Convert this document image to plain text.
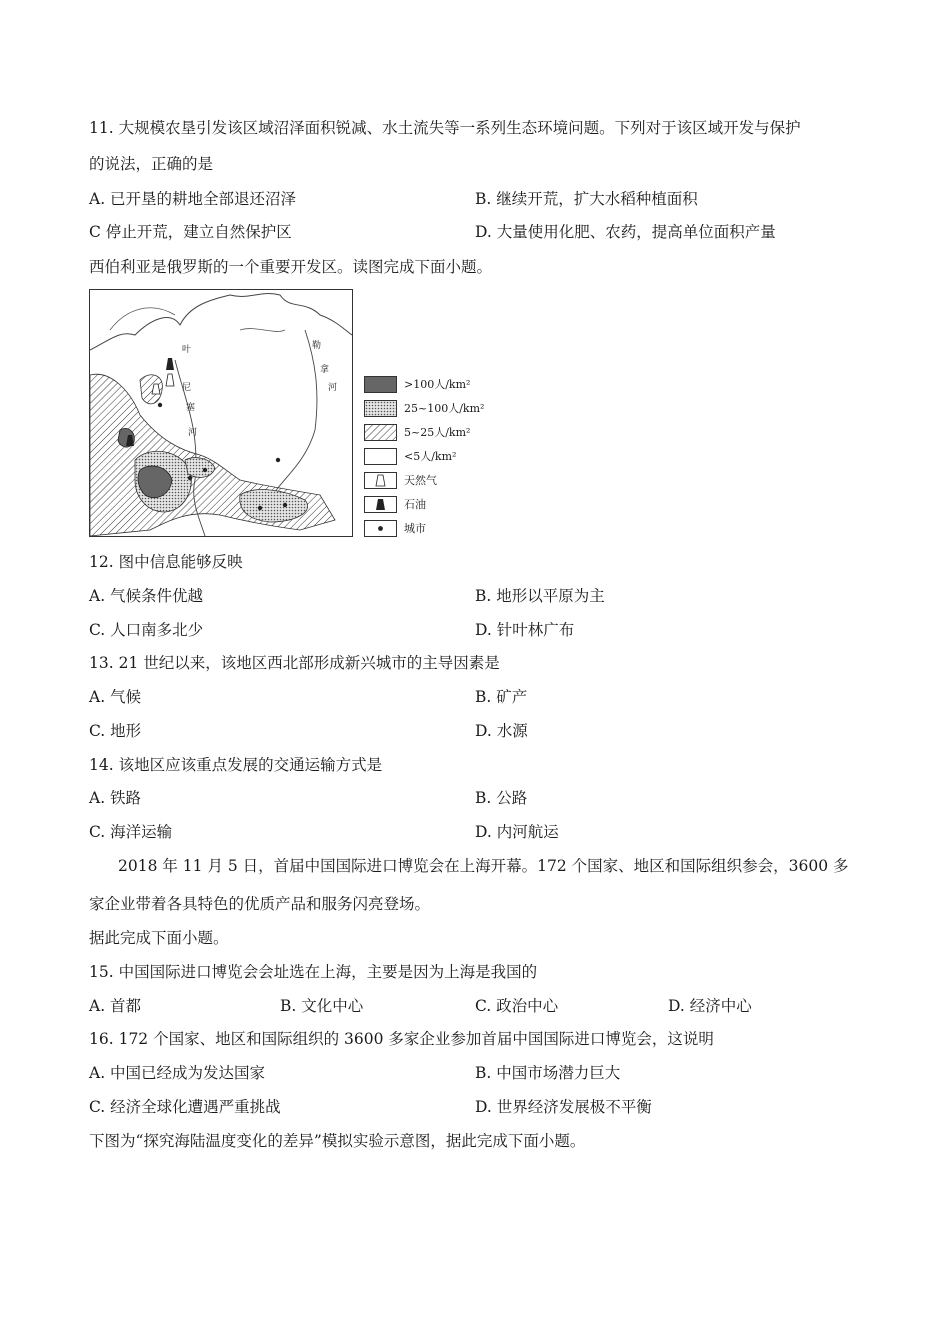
11. 大规模农垦引发该区域沼泽面积锐减、水土流失等一系列生态环境问题。下列对于该区域开发与保护
的说法，正确的是
A. 已开垦的耕地全部退还沼泽	B. 继续开荒，扩大水稻种植面积
C 停止开荒，建立自然保护区	D. 大量使用化肥、农药，提高单位面积产量
西伯利亚是俄罗斯的一个重要开发区。读图完成下面小题。
叶
尼
塞
河
勒
拿
河	>100人/km²
25~100人/km²
5~25人/km²
<5人/km²
天然气
石油
城市
12. 图中信息能够反映
A. 气候条件优越	B. 地形以平原为主
C. 人口南多北少	D. 针叶林广布
13. 21 世纪以来，该地区西北部形成新兴城市的主导因素是
A. 气候	B. 矿产
C. 地形	D. 水源
14. 该地区应该重点发展的交通运输方式是
A. 铁路	B. 公路
C. 海洋运输	D. 内河航运
2018 年 11 月 5 日，首届中国国际进口博览会在上海开幕。172 个国家、地区和国际组织参会，3600 多
家企业带着各具特色的优质产品和服务闪亮登场。
据此完成下面小题。
15. 中国国际进口博览会会址选在上海，主要是因为上海是我国的
A. 首都	B. 文化中心	C. 政治中心	D. 经济中心
16. 172 个国家、地区和国际组织的 3600 多家企业参加首届中国国际进口博览会，这说明
A. 中国已经成为发达国家	B. 中国市场潜力巨大
C. 经济全球化遭遇严重挑战	D. 世界经济发展极不平衡
下图为“探究海陆温度变化的差异”模拟实验示意图，据此完成下面小题。
